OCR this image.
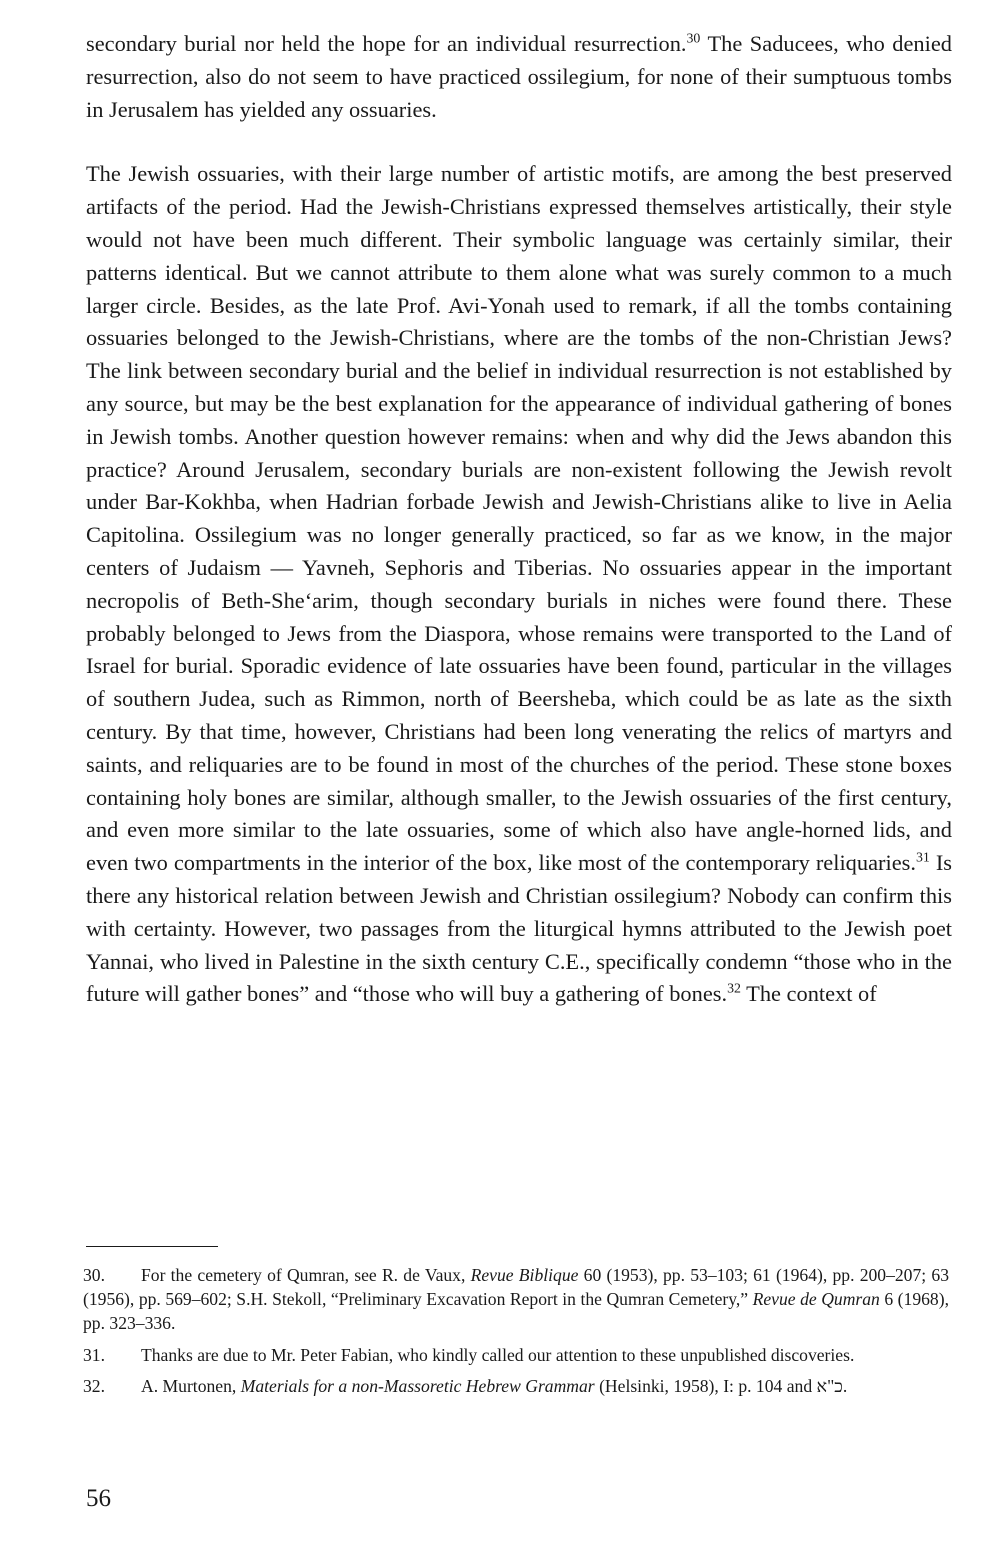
secondary burial nor held the hope for an individual resurrection.$^{30}$ The Saducees, who denied resurrection, also do not seem to have practiced ossilegium, for none of their sumptuous tombs in Jerusalem has yielded any ossuaries.

The Jewish ossuaries, with their large number of artistic motifs, are among the best preserved artifacts of the period. Had the Jewish-Christians expressed themselves artistically, their style would not have been much different. Their symbolic language was certainly similar, their patterns identical. But we cannot attribute to them alone what was surely common to a much larger circle. Besides, as the late Prof. Avi-Yonah used to remark, if all the tombs containing ossuaries belonged to the Jewish-Christians, where are the tombs of the non-Christian Jews? The link between secondary burial and the belief in individual resurrection is not established by any source, but may be the best explanation for the appearance of individual gathering of bones in Jewish tombs. Another question however remains: when and why did the Jews abandon this practice? Around Jerusalem, secondary burials are non-existent following the Jewish revolt under Bar-Kokhba, when Hadrian forbade Jewish and Jewish-Christians alike to live in Aelia Capitolina. Ossilegium was no longer generally practiced, so far as we know, in the major centers of Judaism — Yavneh, Sephoris and Tiberias. No ossuaries appear in the important necropolis of Beth-She‘arim, though secondary burials in niches were found there. These probably belonged to Jews from the Diaspora, whose remains were transported to the Land of Israel for burial. Sporadic evidence of late ossuaries have been found, particular in the villages of southern Judea, such as Rimmon, north of Beersheba, which could be as late as the sixth century. By that time, however, Christians had been long venerating the relics of martyrs and saints, and reliquaries are to be found in most of the churches of the period. These stone boxes containing holy bones are similar, although smaller, to the Jewish ossuaries of the first century, and even more similar to the late ossuaries, some of which also have angle-horned lids, and even two compartments in the interior of the box, like most of the contemporary reliquaries.$^{31}$ Is there any historical relation between Jewish and Christian ossilegium? Nobody can confirm this with certainty. However, two passages from the liturgical hymns attributed to the Jewish poet Yannai, who lived in Palestine in the sixth century C.E., specifically condemn “those who in the future will gather bones” and “those who will buy a gathering of bones.$^{32}$ The context of

30. For the cemetery of Qumran, see R. de Vaux, Revue Biblique 60 (1953), pp. 53–103; 61 (1964), pp. 200–207; 63 (1956), pp. 569–602; S.H. Stekoll, “Preliminary Excavation Report in the Qumran Cemetery,” Revue de Qumran 6 (1968), pp. 323–336.
31. Thanks are due to Mr. Peter Fabian, who kindly called our attention to these unpublished discoveries.
32. A. Murtonen, Materials for a non-Massoretic Hebrew Grammar (Helsinki, 1958), I: p. 104 and כ"א.
56
